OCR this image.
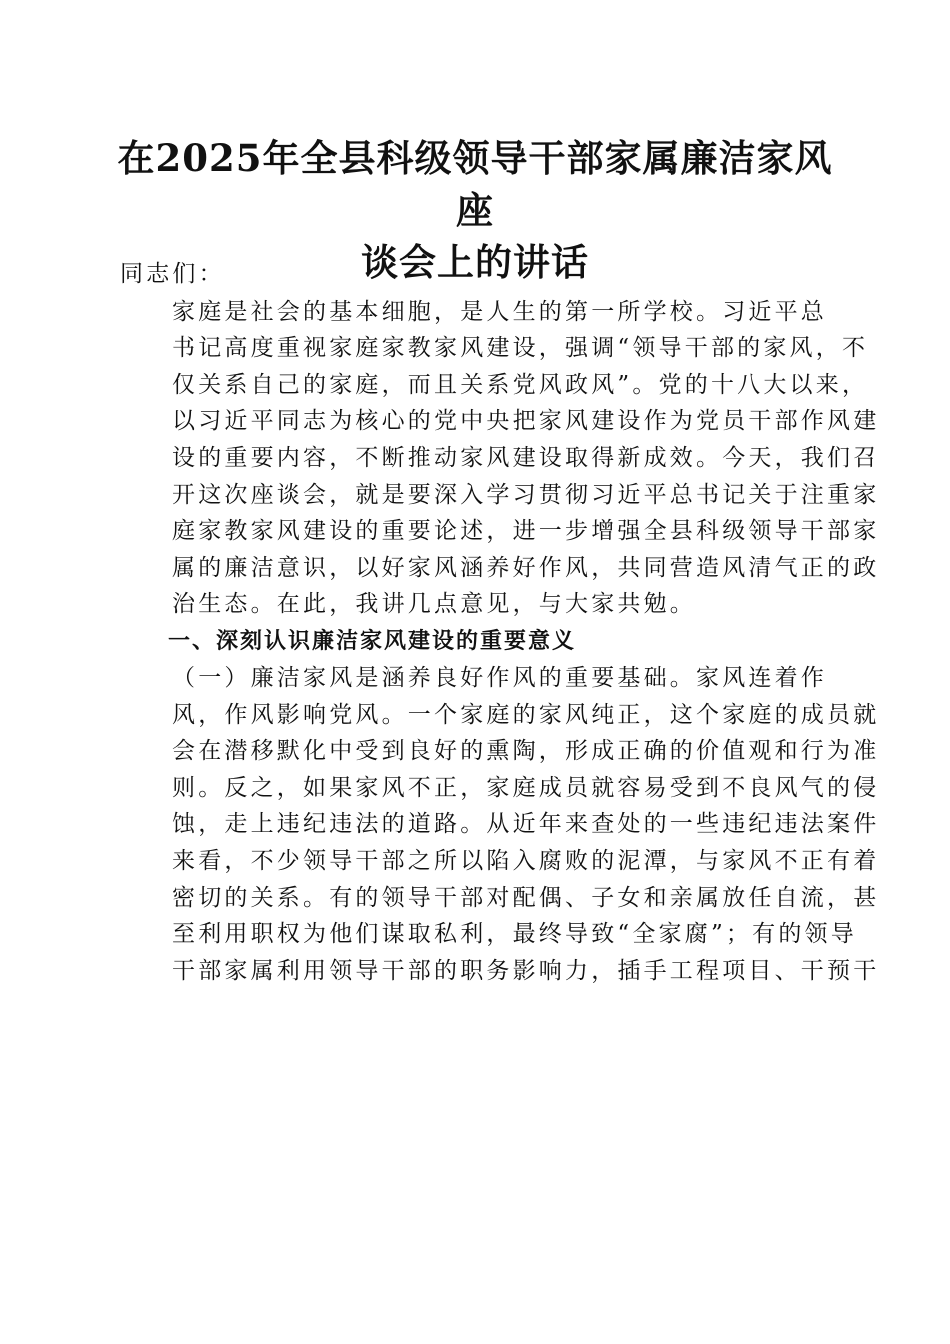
在2025年全县科级领导干部家属廉洁家风座
谈会上的讲话

同志们：

家庭是社会的基本细胞，是人生的第一所学校。习近平总
书记高度重视家庭家教家风建设，强调“领导干部的家风，不
仅关系自己的家庭，而且关系党风政风”。党的十八大以来，
以习近平同志为核心的党中央把家风建设作为党员干部作风建
设的重要内容，不断推动家风建设取得新成效。今天，我们召
开这次座谈会，就是要深入学习贯彻习近平总书记关于注重家
庭家教家风建设的重要论述，进一步增强全县科级领导干部家
属的廉洁意识，以好家风涵养好作风，共同营造风清气正的政
治生态。在此，我讲几点意见，与大家共勉。

一、深刻认识廉洁家风建设的重要意义

（一）廉洁家风是涵养良好作风的重要基础。家风连着作
风，作风影响党风。一个家庭的家风纯正，这个家庭的成员就
会在潜移默化中受到良好的熏陶，形成正确的价值观和行为准
则。反之，如果家风不正，家庭成员就容易受到不良风气的侵
蚀，走上违纪违法的道路。从近年来查处的一些违纪违法案件
来看，不少领导干部之所以陷入腐败的泥潭，与家风不正有着
密切的关系。有的领导干部对配偶、子女和亲属放任自流，甚
至利用职权为他们谋取私利，最终导致“全家腐”；有的领导
干部家属利用领导干部的职务影响力，插手工程项目、干预干
